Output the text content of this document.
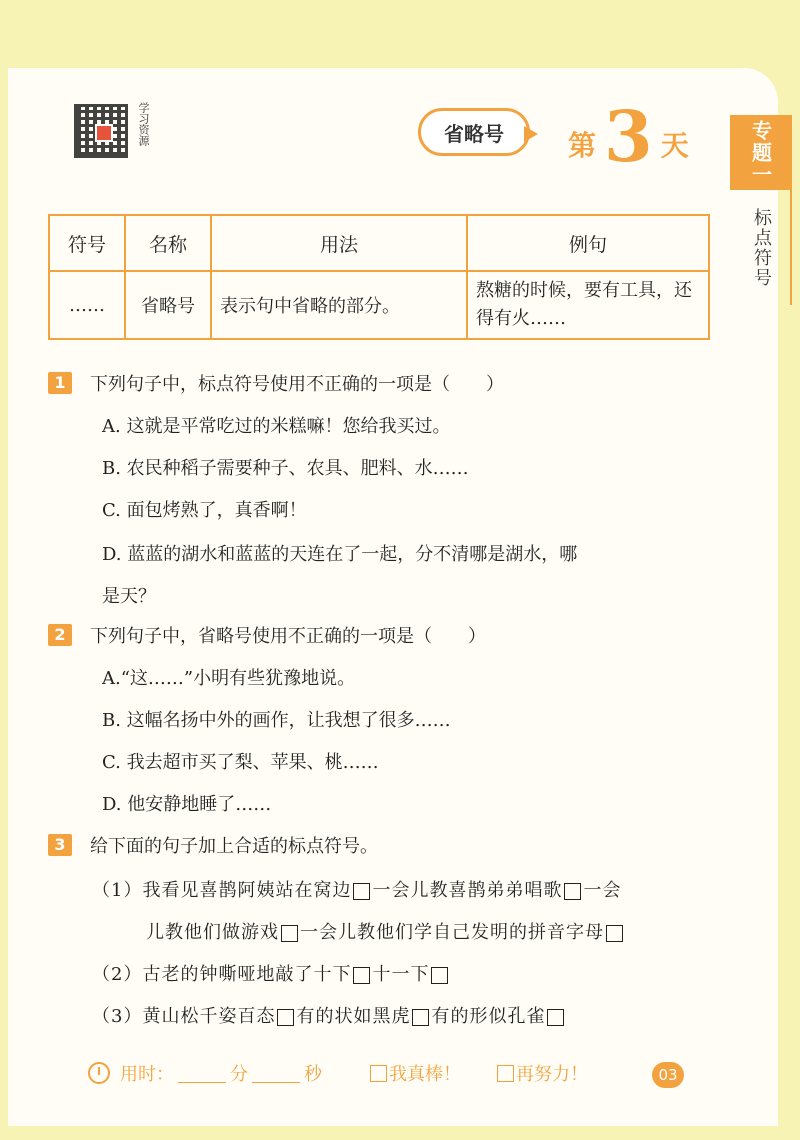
专题一
标点符号
学习资源	省略号	第 3 天
符号	名称	用法	例句
……	省略号	表示句中省略的部分。	熬糖的时候，要有工具，还得有火……
1 下列句子中，标点符号使用不正确的一项是（　　）
A. 这就是平常吃过的米糕嘛！您给我买过。
B. 农民种稻子需要种子、农具、肥料、水……
C. 面包烤熟了，真香啊！
D. 蓝蓝的湖水和蓝蓝的天连在了一起，分不清哪是湖水，哪
是天？
2 下列句子中，省略号使用不正确的一项是（　　）
A.“这……”小明有些犹豫地说。
B. 这幅名扬中外的画作，让我想了很多……
C. 我去超市买了梨、苹果、桃……
D. 他安静地睡了……
3 给下面的句子加上合适的标点符号。
（1）我看见喜鹊阿姨站在窝边 一会儿教喜鹊弟弟唱歌 一会
儿教他们做游戏 一会儿教他们学自己发明的拼音字母
（2）古老的钟嘶哑地敲了十下 十一下
（3）黄山松千姿百态 有的状如黑虎 有的形似孔雀
用时：	分	秒	我真棒！	再努力！	03
